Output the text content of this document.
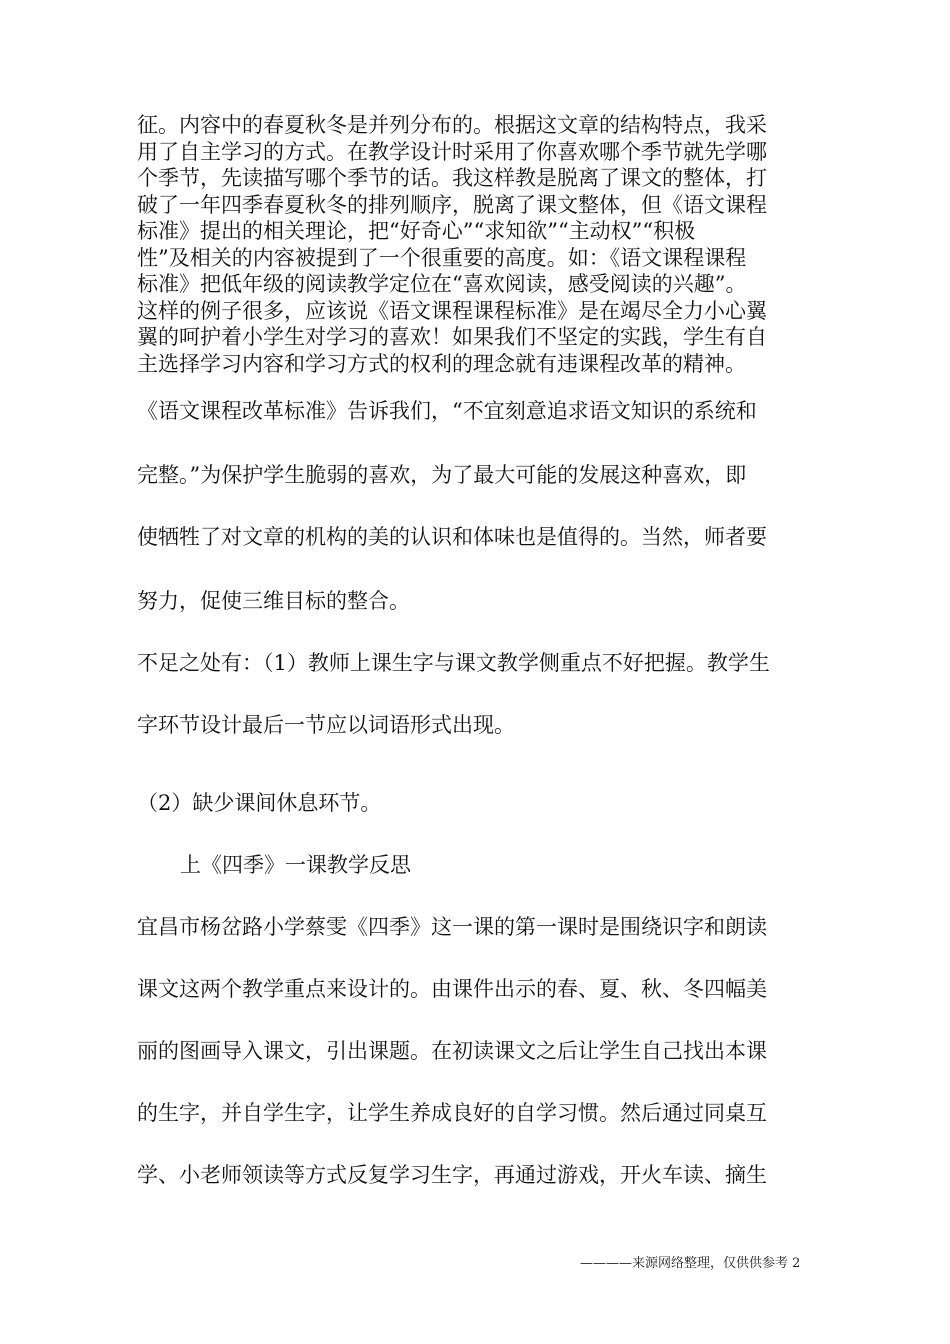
征。内容中的春夏秋冬是并列分布的。根据这文章的结构特点，我采
用了自主学习的方式。在教学设计时采用了你喜欢哪个季节就先学哪
个季节，先读描写哪个季节的话。我这样教是脱离了课文的整体，打
破了一年四季春夏秋冬的排列顺序，脱离了课文整体，但《语文课程
标准》提出的相关理论，把“好奇心”“求知欲”“主动权”“积极
性”及相关的内容被提到了一个很重要的高度。如：《语文课程课程
标准》把低年级的阅读教学定位在“喜欢阅读，感受阅读的兴趣”。
这样的例子很多，应该说《语文课程课程标准》是在竭尽全力小心翼
翼的呵护着小学生对学习的喜欢！如果我们不坚定的实践，学生有自
主选择学习内容和学习方式的权利的理念就有违课程改革的精神。

《语文课程改革标准》告诉我们，“不宜刻意追求语文知识的系统和

完整。”为保护学生脆弱的喜欢，为了最大可能的发展这种喜欢，即

使牺牲了对文章的机构的美的认识和体味也是值得的。当然，师者要

努力，促使三维目标的整合。

不足之处有：（1）教师上课生字与课文教学侧重点不好把握。教学生

字环节设计最后一节应以词语形式出现。

（2）缺少课间休息环节。

上《四季》一课教学反思

宜昌市杨岔路小学蔡雯《四季》这一课的第一课时是围绕识字和朗读

课文这两个教学重点来设计的。由课件出示的春、夏、秋、冬四幅美

丽的图画导入课文，引出课题。在初读课文之后让学生自己找出本课

的生字，并自学生字，让学生养成良好的自学习惯。然后通过同桌互

学、小老师领读等方式反复学习生字，再通过游戏，开火车读、摘生

————来源网络整理，仅供供参考 2
